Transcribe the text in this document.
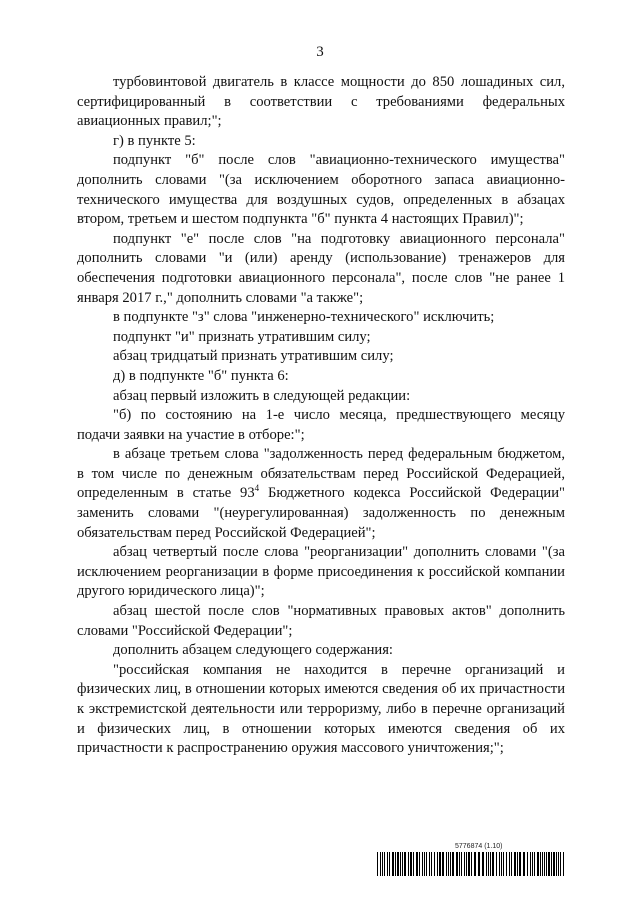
3

турбовинтовой двигатель в классе мощности до 850 лошадиных сил, сертифицированный в соответствии с требованиями федеральных авиационных правил;";

г) в пункте 5:

подпункт "б" после слов "авиационно-технического имущества" дополнить словами "(за исключением оборотного запаса авиационно-технического имущества для воздушных судов, определенных в абзацах втором, третьем и шестом подпункта "б" пункта 4 настоящих Правил)";

подпункт "е" после слов "на подготовку авиационного персонала" дополнить словами "и (или) аренду (использование) тренажеров для обеспечения подготовки авиационного персонала", после слов "не ранее 1 января 2017 г.," дополнить словами "а также";

в подпункте "з" слова "инженерно-технического" исключить;

подпункт "и" признать утратившим силу;

абзац тридцатый признать утратившим силу;

д) в подпункте "б" пункта 6:

абзац первый изложить в следующей редакции:

"б) по состоянию на 1-е число месяца, предшествующего месяцу подачи заявки на участие в отборе:";

в абзаце третьем слова "задолженность перед федеральным бюджетом, в том числе по денежным обязательствам перед Российской Федерацией, определенным в статье $93^4$ Бюджетного кодекса Российской Федерации" заменить словами "(неурегулированная) задолженность по денежным обязательствам перед Российской Федерацией";

абзац четвертый после слова "реорганизации" дополнить словами "(за исключением реорганизации в форме присоединения к российской компании другого юридического лица)";

абзац шестой после слов "нормативных правовых актов" дополнить словами "Российской Федерации";

дополнить абзацем следующего содержания:

"российская компания не находится в перечне организаций и физических лиц, в отношении которых имеются сведения об их причастности к экстремистской деятельности или терроризму, либо в перечне организаций и физических лиц, в отношении которых имеются сведения об их причастности к распространению оружия массового уничтожения;";

5776874 (1.10)
